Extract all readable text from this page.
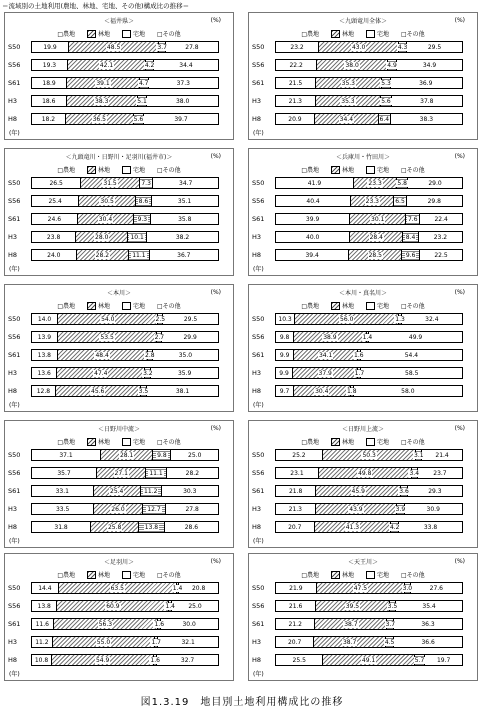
＝流域別の土地利用(農地、林地、宅地、その他)構成比の推移＝
＜福井県＞	(%)
□農地	林地	宅地 □その他
S50	19.9	48.5	3.7	27.8
S56	19.3	42.1	4.2	34.4
S61	18.9	39.1	4.7	37.3
H3	18.6	38.3	5.1	38.0
H8	18.2	36.5	5.6	39.7
(年)
＜九頭竜川全体＞	(%)
□農地	林地	宅地 □その他
S50	23.2	43.0	4.3	29.5
S56	22.2	38.0	4.9	34.9
S61	21.5	35.3	5.3	36.9
H3	21.3	35.3	5.6	37.8
H8	20.9	34.4	6.4	38.3
(年)
＜九頭竜川・日野川・足羽川(福井市)＞	(%)
□農地	林地	宅地 □その他
S50	26.5	31.5	7.3	34.7
S56	25.4	30.5	8.6	35.1
S61	24.6	30.4	9.3	35.8
H3	23.8	28.0	10.1	38.2
H8	24.0	28.2	11.1	36.7
(年)
＜兵庫川・竹田川＞	(%)
□農地	林地	宅地 □その他
S50	41.9	23.3	5.8	29.0
S56	40.4	23.3	6.5	29.8
S61	39.9	30.1	7.6	22.4
H3	40.0	28.4	8.4	23.2
H8	39.4	28.5	9.6	22.5
(年)
＜本川＞	(%)
□農地	林地	宅地 □その他
S50	14.0	54.0	2.5	29.5
S56	13.9	53.5	2.7	29.9
S61	13.8	48.4	2.8	35.0
H3	13.6	47.4	3.2	35.9
H8	12.8	45.6	3.5	38.1
(年)
＜本川・真名川＞	(%)
□農地	林地	宅地 □その他
S50 10.3	56.0	1.3	32.4
S56	9.8	38.9	1.4	49.9
S61	9.9	34.1	1.6	54.4
H3	9.9	37.9	1.7	58.5
H8	9.7	30.4	1.8	58.0
(年)
＜日野川中流＞	(%)
□農地	林地	宅地 □その他
S50	37.1	28.1	9.8	25.0
S56	35.7	27.1	11.1	28.2
S61	33.1	25.4	11.2	30.3
H3	33.5	26.0	12.7	27.8
H8	31.8	25.8	13.8	28.6
(年)
＜日野川上流＞	(%)
□農地	林地	宅地 □その他
S50	25.2	50.3	3.1 21.4
S56	23.1	49.8	3.4 23.7
S61	21.8	45.9	3.6	29.3
H3	21.3	43.9	3.9	30.9
H8	20.7	41.3	4.2	33.8
(年)
＜足羽川＞	(%)
□農地	林地	宅地 □その他
S50	14.4	63.5	1.4 20.8
S56	13.8	60.9	1.4 25.0
S61	11.6	56.3	1.6	30.0
H3	11.2	55.0	1.7	32.1
H8	10.8	54.9	1.6	32.7
(年)
＜天王川＞	(%)
□農地	林地	宅地 □その他
S50	21.9	47.5	3.0	27.6
S56	21.6	39.5	3.5	35.4
S61	21.2	38.7	3.7	36.3
H3	20.7	38.7	4.5	36.6
H8	25.5	49.1	5.7 19.7
(年)
図1.3.19　地目別土地利用構成比の推移
